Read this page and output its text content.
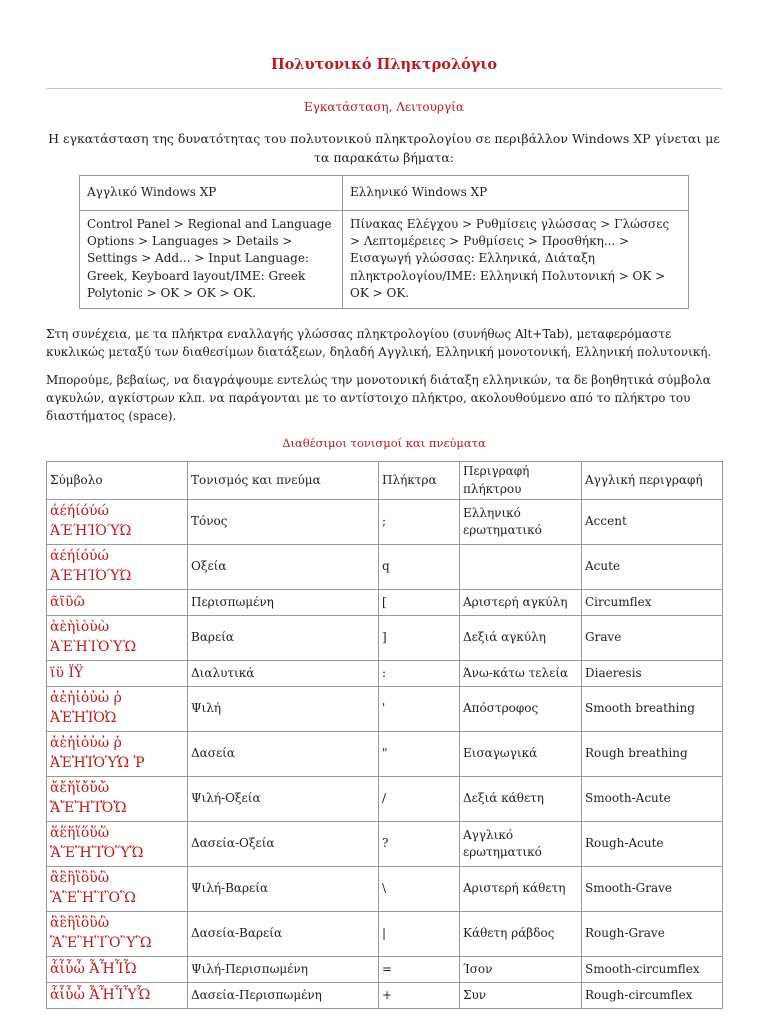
Πολυτονικό Πληκτρολόγιο
Εγκατάσταση, Λειτουργία
Η εγκατάσταση της δυνατότητας του πολυτονικού πληκτρολογίου σε περιβάλλον Windows XP γίνεται με τα παρακάτω βήματα:
Αγγλικό Windows XP	Ελληνικό Windows XP
Control Panel > Regional and Language Options > Languages > Details > Settings > Add... > Input Language: Greek, Keyboard layout/IME: Greek Polytonic > OK > OK > OK.	Πίνακας Ελέγχου > Ρυθμίσεις γλώσσας > Γλώσσες > Λεπτομέρειες > Ρυθμίσεις > Προσθήκη... > Εισαγωγή γλώσσας: Ελληνικά, Διάταξη πληκτρολογίου/IME: Ελληνική Πολυτονική > OK > OK > OK.

Στη συνέχεια, με τα πλήκτρα εναλλαγής γλώσσας πληκτρολογίου (συνήθως Alt+Tab), μεταφερόμαστε κυκλικώς μεταξύ των διαθεσίμων διατάξεων, δηλαδή Αγγλική, Ελληνική μονοτονική, Ελληνική πολυτονική.

Μπορούμε, βεβαίως, να διαγράψουμε εντελώς την μονοτονική διάταξη ελληνικών, τα δε βοηθητικά σύμβολα αγκυλών, αγκίστρων κλπ. να παράγονται με το αντίστοιχο πλήκτρο, ακολουθούμενο από το πλήκτρο του διαστήματος (space).

Διαθέσιμοι τονισμοί και πνεύματα
Σύμβολο	Τονισμός και πνεύμα	Πλήκτρα	Περιγραφή πλήκτρου	Αγγλική περιγραφή
άέήίόύώ ΆΈΉΊΌΎΏ	Τόνος	;	Ελληνικό ερωτηματικό	Accent
άέήίόύώ ΆΈΉΊΌΎΏ	Οξεία	q		Acute
ᾶῖῦῶ	Περισπωμένη	[	Αριστερή αγκύλη	Circumflex
ὰὲὴὶὸὺὼ ᾺῈῊῚῸῪῺ	Βαρεία	]	Δεξιά αγκύλη	Grave
ϊϋ ΪΫ	Διαλυτικά	:	Άνω-κάτω τελεία	Diaeresis
ἀἐἠἰὀὐὠ ῤ ἈἘἨἸὈὨ	Ψιλή	'	Απόστροφος	Smooth breathing
ἁἑἡἱὁὑὡ ῥ ἉἙἩἹὉὙὩ Ῥ	Δασεία	"	Εισαγωγικά	Rough breathing
ἄἔἤἴὄὔὤ ἌἜἬἼὌὬ	Ψιλή-Οξεία	/	Δεξιά κάθετη	Smooth-Acute
ἅἕἥἵὅὕὥ ἍἝἭἽὍὝὭ	Δασεία-Οξεία	?	Αγγλικό ερωτηματικό	Rough-Acute
ἂἒἢἲὂὒὢ ἊἚἪἺὊὪ	Ψιλή-Βαρεία	\	Αριστερή κάθετη	Smooth-Grave
ἃἓἣἳὃὓὣ ἋἛἫἻὋὛὫ	Δασεία-Βαρεία	|	Κάθετη ράβδος	Rough-Grave
ἆἶὖὦ ἎἮἾὮ	Ψιλή-Περισπωμένη	=	Ίσον	Smooth-circumflex
ἇἷὗὧ ἏἯἿὟὯ	Δασεία-Περισπωμένη	+	Συν	Rough-circumflex
